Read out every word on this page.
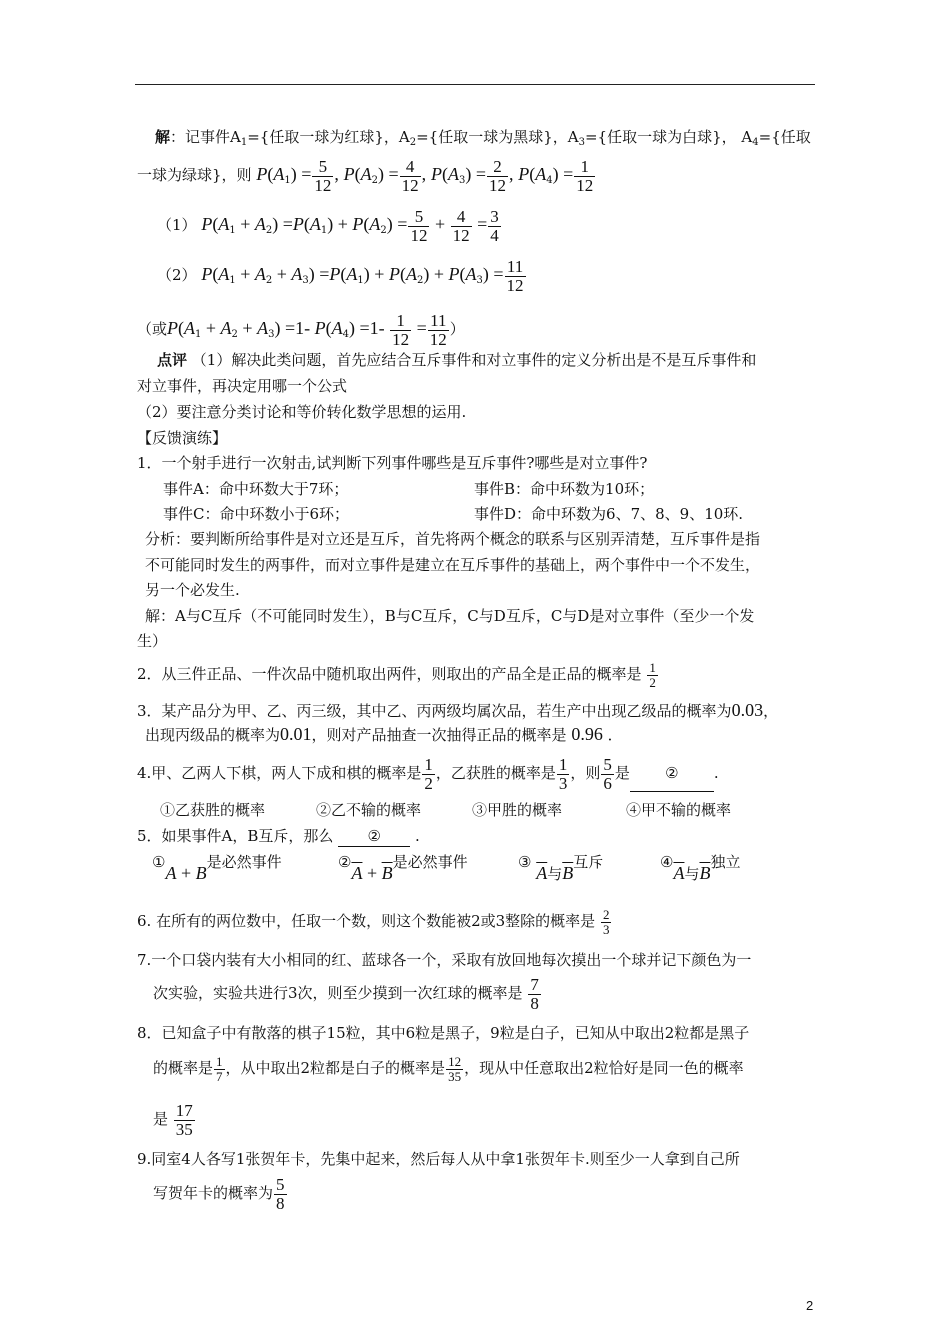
解：记事件$A_1=${任取一球为红球}，$A_2=${任取一球为黑球}，$A_3=${任取一球为白球}， $A_4=${任取
一球为绿球}，则 $P(A_1) = \frac{5}{12}$ , $P(A_2) = \frac{4}{12}$ , $P(A_3) = \frac{2}{12}$ , $P(A_4) = \frac{1}{12}$
（1） $P(A_1 + A_2) =P(A_1) + P(A_2) = \frac{5}{12} + \frac{4}{12} = \frac{3}{4}$
（2） $P(A_1 + A_2 + A_3) =P(A_1) + P(A_2) + P(A_3) = \frac{11}{12}$
（或$P(A_1 + A_2 + A_3) =1-$ $P(A_4) =1- \frac{1}{12} = \frac{11}{12}$ ）
点评 （1）解决此类问题，首先应结合互斥事件和对立事件的定义分析出是不是互斥事件和
对立事件，再决定用哪一个公式
（2）要注意分类讨论和等价转化数学思想的运用.
【反馈演练】
1．一个射手进行一次射击,试判断下列事件哪些是互斥事件?哪些是对立事件?
事件A：命中环数大于7环；	事件B：命中环数为10环；
事件C：命中环数小于6环；	事件D：命中环数为6、7、8、9、10环.
分析：要判断所给事件是对立还是互斥，首先将两个概念的联系与区别弄清楚，互斥事件是指
不可能同时发生的两事件，而对立事件是建立在互斥事件的基础上，两个事件中一个不发生，
另一个必发生.
解：A与C互斥（不可能同时发生），B与C互斥，C与D互斥，C与D是对立事件（至少一个发
生）
2．从三件正品、一件次品中随机取出两件，则取出的产品全是正品的概率是 $\frac{1}{2}$
3．某产品分为甲、乙、丙三级，其中乙、丙两级均属次品，若生产中出现乙级品的概率为0.03，
出现丙级品的概率为0.01，则对产品抽查一次抽得正品的概率是 0.96 ．
4.甲、乙两人下棋，两人下成和棋的概率是 $\frac{1}{2}$ ，乙获胜的概率是 $\frac{1}{3}$ ，则 $\frac{5}{6}$ 是 ② .
①乙获胜的概率	②乙不输的概率	③甲胜的概率	④甲不输的概率
5．如果事件A，B互斥，那么 ② .
①A + B是必然事件	$②\overline{A} + \overline{B}$是必然事件	③ $\overline{A}$与$\overline{B}$互斥	$④\overline{A}$与$\overline{B}$独立
6. 在所有的两位数中，任取一个数，则这个数能被2或3整除的概率是 $\frac{2}{3}$
7.一个口袋内装有大小相同的红、蓝球各一个，采取有放回地每次摸出一个球并记下颜色为一
次实验，实验共进行3次，则至少摸到一次红球的概率是 $\frac{7}{8}$
8．已知盒子中有散落的棋子15粒，其中6粒是黑子，9粒是白子，已知从中取出2粒都是黑子
的概率是 $\frac{1}{7}$ ，从中取出2粒都是白子的概率是 $\frac{12}{35}$ ，现从中任意取出2粒恰好是同一色的概率
是 $\frac{17}{35}$
9.同室4人各写1张贺年卡，先集中起来，然后每人从中拿1张贺年卡.则至少一人拿到自己所
写贺年卡的概率为 $\frac{5}{8}$
2
